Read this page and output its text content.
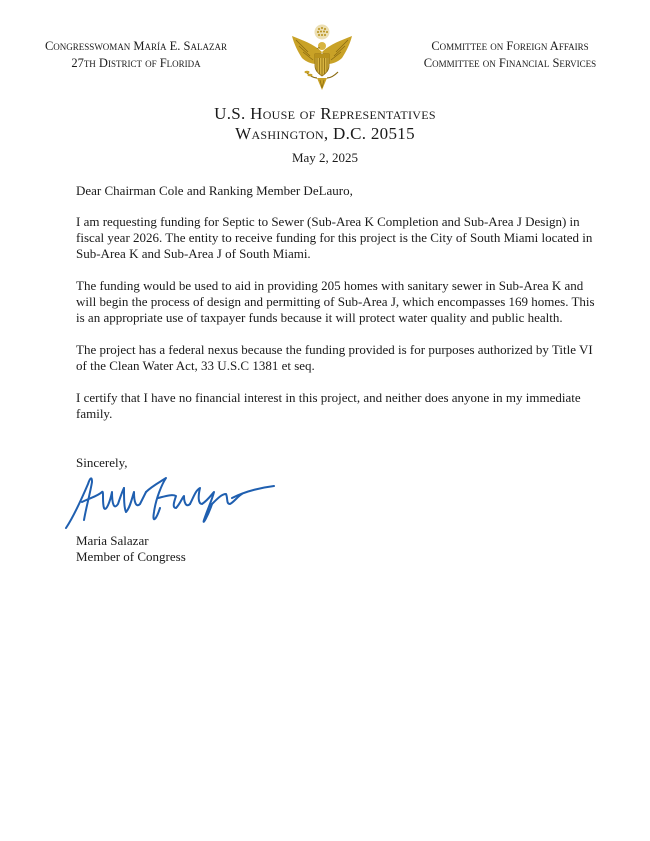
Congresswoman María E. Salazar
27th District of Florida
Committee on Foreign Affairs
Committee on Financial Services
U.S. House of Representatives
Washington, D.C. 20515
May 2, 2025

Dear Chairman Cole and Ranking Member DeLauro,

I am requesting funding for Septic to Sewer (Sub-Area K Completion and Sub-Area J Design) in fiscal year 2026. The entity to receive funding for this project is the City of South Miami located in Sub-Area K and Sub-Area J of South Miami.

The funding would be used to aid in providing 205 homes with sanitary sewer in Sub-Area K and will begin the process of design and permitting of Sub-Area J, which encompasses 169 homes. This is an appropriate use of taxpayer funds because it will protect water quality and public health.

The project has a federal nexus because the funding provided is for purposes authorized by Title VI of the Clean Water Act, 33 U.S.C 1381 et seq.

I certify that I have no financial interest in this project, and neither does anyone in my immediate family.

Sincerely,
Maria Salazar
Member of Congress
